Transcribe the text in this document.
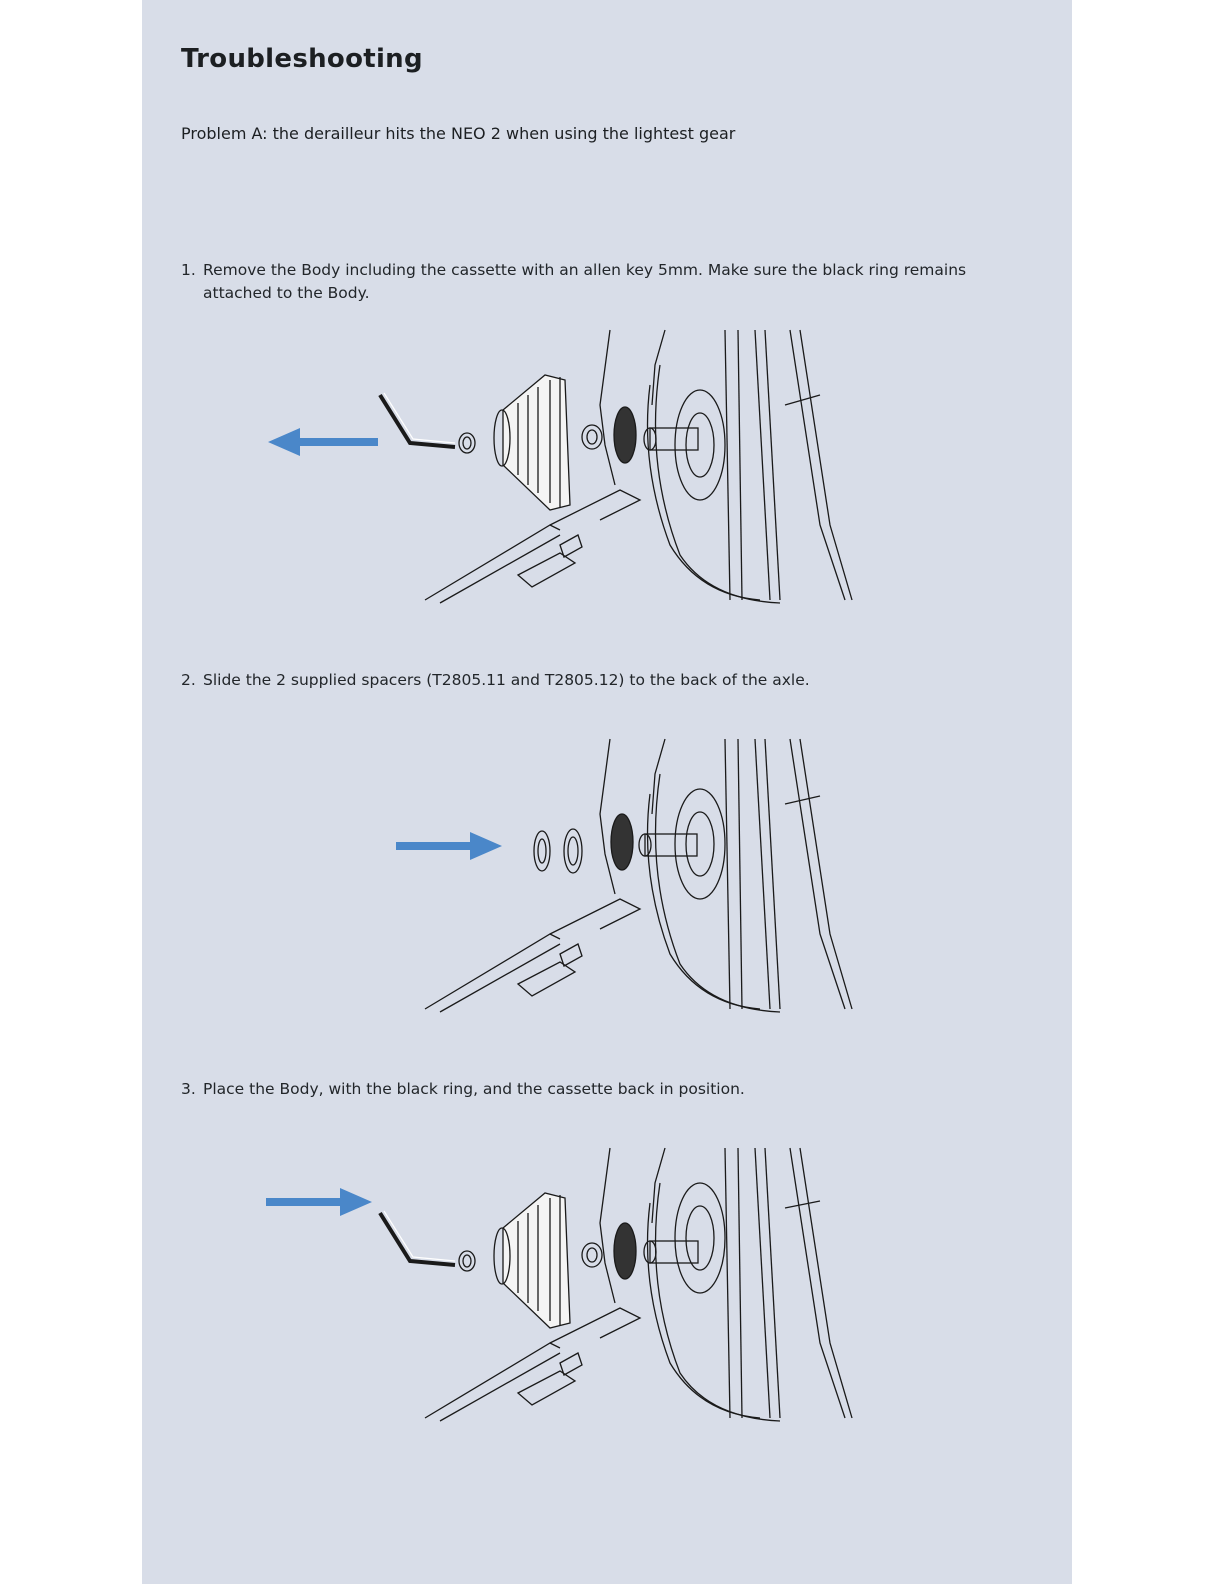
Troubleshooting
Problem A: the derailleur hits the NEO 2 when using the lightest gear
1. Remove the Body including the cassette with an allen key 5mm. Make sure the black ring remains attached to the Body.
2. Slide the 2 supplied spacers (T2805.11 and T2805.12) to the back of the axle.
3. Place the Body, with the black ring, and the cassette back in position.
